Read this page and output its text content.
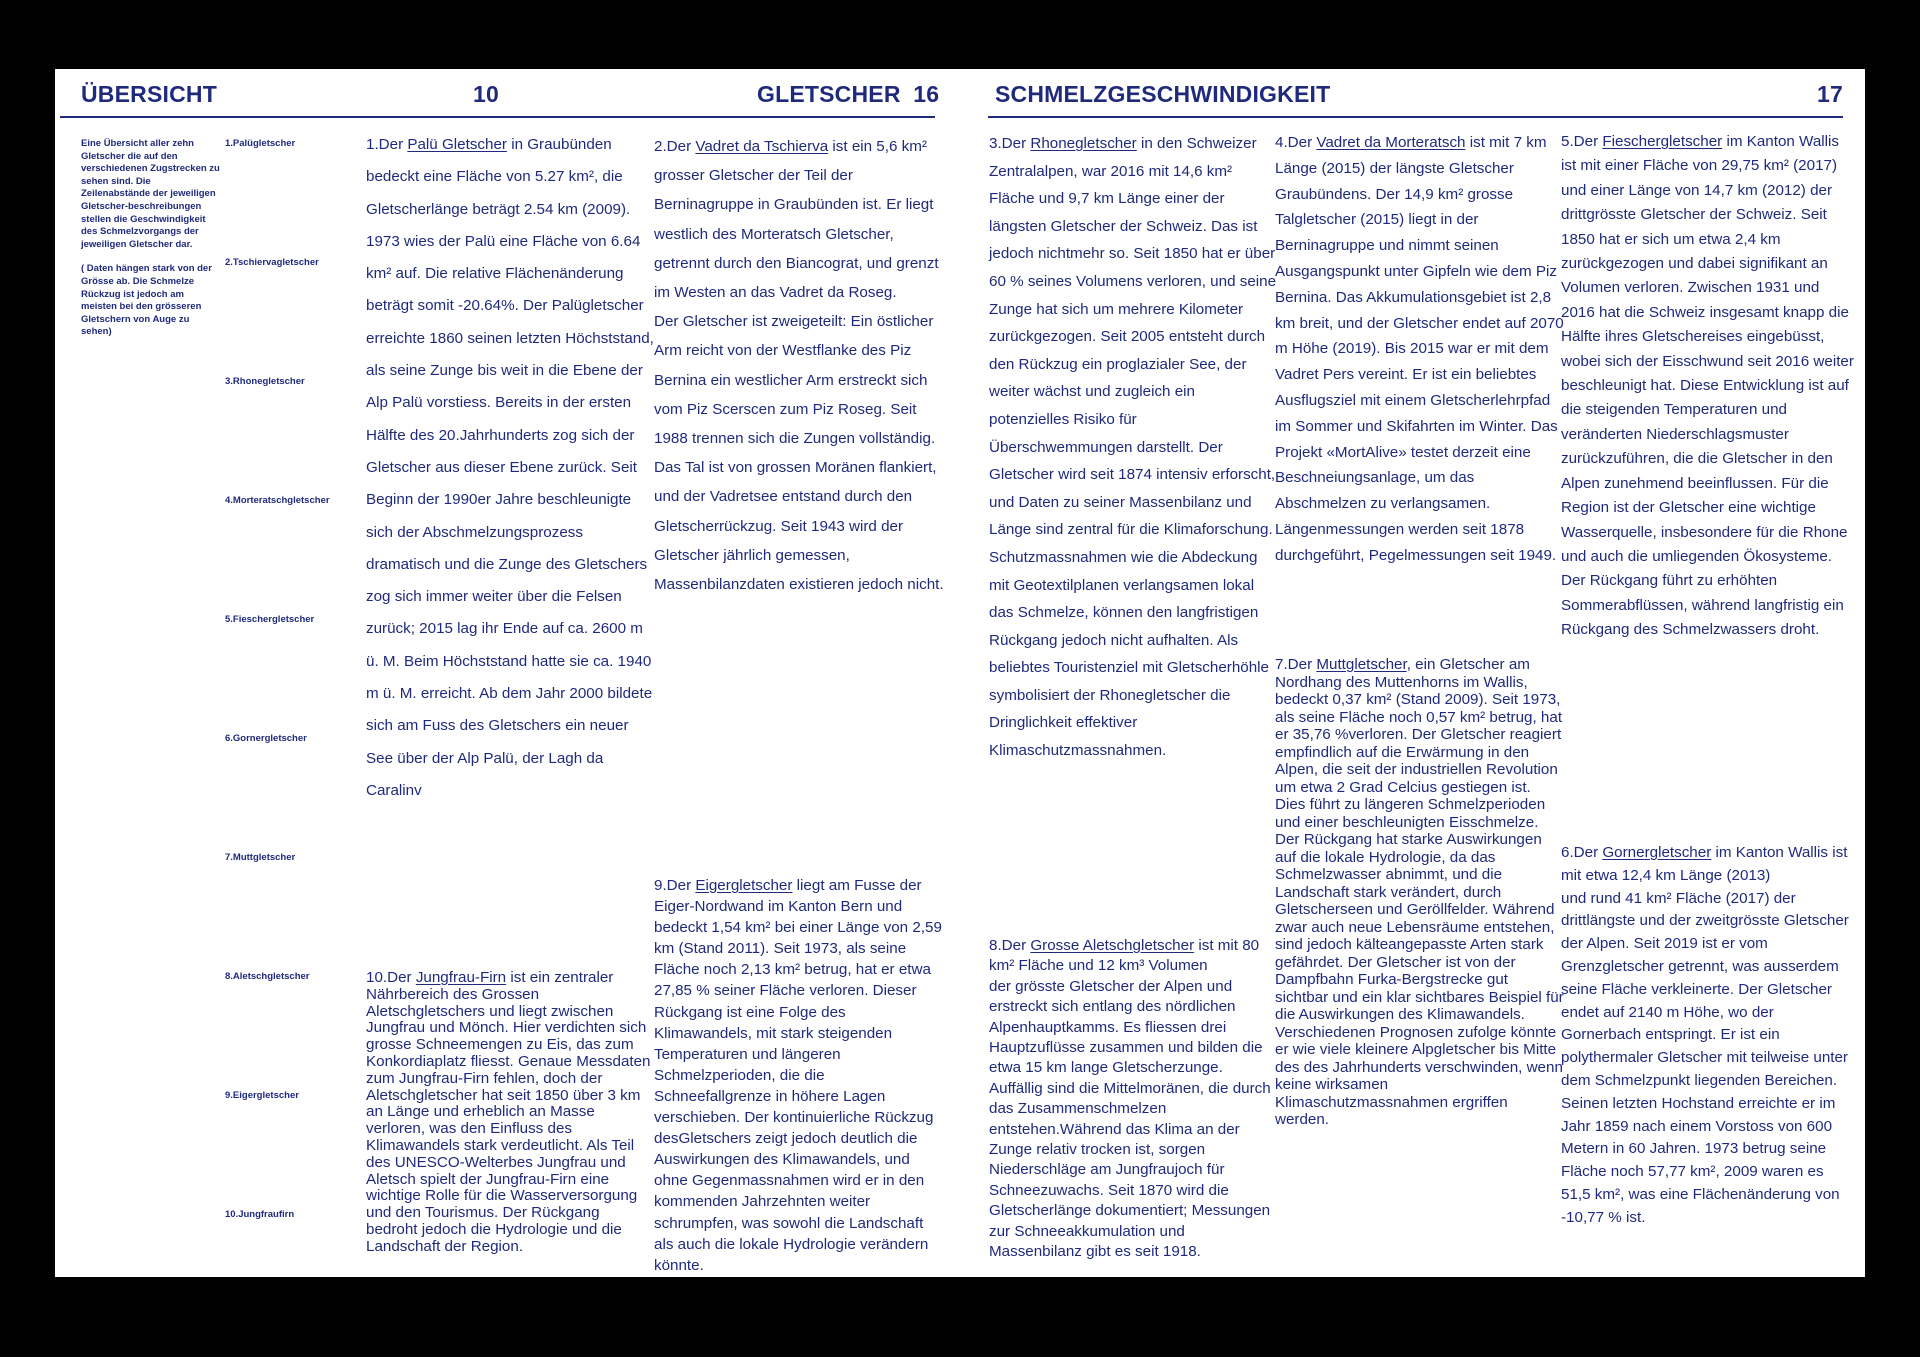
ÜBERSICHT	10	GLETSCHER 16 SCHMELZGESCHWINDIGKEIT	17

Eine Übersicht aller zehn Gletscher die auf den verschiedenen Zugstrecken zu sehen sind. Die Zeilenabstände der jeweiligen Gletscher-beschreibungen stellen die Geschwindigkeit des Schmelzvorgangs der jeweiligen Gletscher dar.

( Daten hängen stark von der Grösse ab. Die Schmelze Rückzug ist jedoch am meisten bei den grösseren Gletschern von Auge zu sehen)

1.Palügletscher
2.Tschiervagletscher
3.Rhonegletscher
4.Morteratschgletscher
5.Fieschergletscher
6.Gornergletscher
7.Muttgletscher
8.Aletschgletscher
9.Eigergletscher
10.Jungfraufirn

1.Der Palü Gletscher in Graubünden bedeckt eine Fläche von 5.27 km², die Gletscherlänge beträgt 2.54 km (2009). 1973 wies der Palü eine Fläche von 6.64 km² auf. Die relative Flächenänderung beträgt somit -20.64%. Der Palügletscher erreichte 1860 seinen letzten Höchststand, als seine Zunge bis weit in die Ebene der Alp Palü vorstiess. Bereits in der ersten Hälfte des 20.Jahrhunderts zog sich der Gletscher aus dieser Ebene zurück. Seit Beginn der 1990er Jahre beschleunigte sich der Abschmelzungsprozess dramatisch und die Zunge des Gletschers zog sich immer weiter über die Felsen zurück; 2015 lag ihr Ende auf ca. 2600 m ü. M. Beim Höchststand hatte sie ca. 1940 m ü. M. erreicht. Ab dem Jahr 2000 bildete sich am Fuss des Gletschers ein neuer See über der Alp Palü, der Lagh da Caralinv

2.Der Vadret da Tschierva ist ein 5,6 km² grosser Gletscher der Teil der Berninagruppe in Graubünden ist. Er liegt westlich des Morteratsch Gletscher, getrennt durch den Biancograt, und grenzt im Westen an das Vadret da Roseg.

Der Gletscher ist zweigeteilt: Ein östlicher Arm reicht von der Westflanke des Piz Bernina ein westlicher Arm erstreckt sich vom Piz Scerscen zum Piz Roseg. Seit 1988 trennen sich die Zungen vollständig. Das Tal ist von grossen Moränen flankiert, und der Vadretsee entstand durch den Gletscherrückzug. Seit 1943 wird der Gletscher jährlich gemessen, Massenbilanzdaten existieren jedoch nicht.

10.Der Jungfrau-Firn ist ein zentraler Nährbereich des Grossen Aletschgletschers und liegt zwischen Jungfrau und Mönch. Hier verdichten sich grosse Schneemengen zu Eis, das zum Konkordiaplatz fliesst. Genaue Messdaten zum Jungfrau-Firn fehlen, doch der Aletschgletscher hat seit 1850 über 3 km an Länge und erheblich an Masse verloren, was den Einfluss des Klimawandels stark verdeutlicht. Als Teil des UNESCO-Welterbes Jungfrau und Aletsch spielt der Jungfrau-Firn eine wichtige Rolle für die Wasserversorgung und den Tourismus. Der Rückgang bedroht jedoch die Hydrologie und die Landschaft der Region.

9.Der Eigergletscher liegt am Fusse der Eiger-Nordwand im Kanton Bern und bedeckt 1,54 km² bei einer Länge von 2,59 km (Stand 2011). Seit 1973, als seine Fläche noch 2,13 km² betrug, hat er etwa 27,85 % seiner Fläche verloren. Dieser Rückgang ist eine Folge des Klimawandels, mit stark steigenden Temperaturen und längeren Schmelzperioden, die die Schneefallgrenze in höhere Lagen verschieben. Der kontinuierliche Rückzug desGletschers zeigt jedoch deutlich die Auswirkungen des Klimawandels, und ohne Gegenmassnahmen wird er in den kommenden Jahrzehnten weiter schrumpfen, was sowohl die Landschaft als auch die lokale Hydrologie verändern könnte.

3.Der Rhonegletscher in den Schweizer Zentralalpen, war 2016 mit 14,6 km² Fläche und 9,7 km Länge einer der längsten Gletscher der Schweiz. Das ist jedoch nichtmehr so. Seit 1850 hat er über 60 % seines Volumens verloren, und seine Zunge hat sich um mehrere Kilometer zurückgezogen. Seit 2005 entsteht durch den Rückzug ein proglazialer See, der weiter wächst und zugleich ein potenzielles Risiko für Überschwemmungen darstellt. Der Gletscher wird seit 1874 intensiv erforscht, und Daten zu seiner Massenbilanz und Länge sind zentral für die Klimaforschung. Schutzmassnahmen wie die Abdeckung mit Geotextilplanen verlangsamen lokal das Schmelze, können den langfristigen Rückgang jedoch nicht aufhalten. Als beliebtes Touristenziel mit Gletscherhöhle symbolisiert der Rhonegletscher die Dringlichkeit effektiver Klimaschutzmassnahmen.

8.Der Grosse Aletschgletscher ist mit 80 km² Fläche und 12 km³ Volumen

der grösste Gletscher der Alpen und erstreckt sich entlang des nördlichen Alpenhauptkamms. Es fliessen drei Hauptzuflüsse zusammen und bilden die etwa 15 km lange Gletscherzunge. Auffällig sind die Mittelmoränen, die durch das Zusammenschmelzen entstehen.Während das Klima an der Zunge relativ trocken ist, sorgen Niederschläge am Jungfraujoch für Schneezuwachs. Seit 1870 wird die Gletscherlänge dokumentiert; Messungen zur Schneeakkumulation und Massenbilanz gibt es seit 1918.

4.Der Vadret da Morteratsch ist mit 7 km Länge (2015) der längste Gletscher Graubündens. Der 14,9 km² grosse Talgletscher (2015) liegt in der Berninagruppe und nimmt seinen Ausgangspunkt unter Gipfeln wie dem Piz Bernina. Das Akkumulationsgebiet ist 2,8 km breit, und der Gletscher endet auf 2070 m Höhe (2019). Bis 2015 war er mit dem Vadret Pers vereint. Er ist ein beliebtes Ausflugsziel mit einem Gletscherlehrpfad im Sommer und Skifahrten im Winter. Das Projekt «MortAlive» testet derzeit eine Beschneiungsanlage, um das Abschmelzen zu verlangsamen. Längenmessungen werden seit 1878 durchgeführt, Pegelmessungen seit 1949.

7.Der Muttgletscher, ein Gletscher am Nordhang des Muttenhorns im Wallis, bedeckt 0,37 km² (Stand 2009). Seit 1973, als seine Fläche noch 0,57 km² betrug, hat er 35,76 %verloren. Der Gletscher reagiert empfindlich auf die Erwärmung in den Alpen, die seit der industriellen Revolution um etwa 2 Grad Celcius gestiegen ist. Dies führt zu längeren Schmelzperioden und einer beschleunigten Eisschmelze. Der Rückgang hat starke Auswirkungen auf die lokale Hydrologie, da das Schmelzwasser abnimmt, und die Landschaft stark verändert, durch Gletscherseen und Geröllfelder. Während zwar auch neue Lebensräume entstehen, sind jedoch kälteangepasste Arten stark gefährdet. Der Gletscher ist von der Dampfbahn Furka-Bergstrecke gut sichtbar und ein klar sichtbares Beispiel für die Auswirkungen des Klimawandels. Verschiedenen Prognosen zufolge könnte er wie viele kleinere Alpgletscher bis Mitte des des Jahrhunderts verschwinden, wenn keine wirksamen Klimaschutzmassnahmen ergriffen werden.

5.Der Fieschergletscher im Kanton Wallis ist mit einer Fläche von 29,75 km² (2017) und einer Länge von 14,7 km (2012) der drittgrösste Gletscher der Schweiz. Seit 1850 hat er sich um etwa 2,4 km zurückgezogen und dabei signifikant an Volumen verloren. Zwischen 1931 und 2016 hat die Schweiz insgesamt knapp die Hälfte ihres Gletschereises eingebüsst, wobei sich der Eisschwund seit 2016 weiter beschleunigt hat. Diese Entwicklung ist auf die steigenden Temperaturen und veränderten Niederschlagsmuster zurückzuführen, die die Gletscher in den Alpen zunehmend beeinflussen. Für die Region ist der Gletscher eine wichtige Wasserquelle, insbesondere für die Rhone und auch die umliegenden Ökosysteme. Der Rückgang führt zu erhöhten Sommerabflüssen, während langfristig ein Rückgang des Schmelzwassers droht.

6.Der Gornergletscher im Kanton Wallis ist mit etwa 12,4 km Länge (2013)

und rund 41 km² Fläche (2017) der drittlängste und der zweitgrösste Gletscher der Alpen. Seit 2019 ist er vom Grenzgletscher getrennt, was ausserdem seine Fläche verkleinerte. Der Gletscher endet auf 2140 m Höhe, wo der Gornerbach entspringt. Er ist ein polythermaler Gletscher mit teilweise unter dem Schmelzpunkt liegenden Bereichen. Seinen letzten Hochstand erreichte er im Jahr 1859 nach einem Vorstoss von 600 Metern in 60 Jahren. 1973 betrug seine Fläche noch 57,77 km², 2009 waren es 51,5 km², was eine Flächenänderung von -10,77 % ist.
